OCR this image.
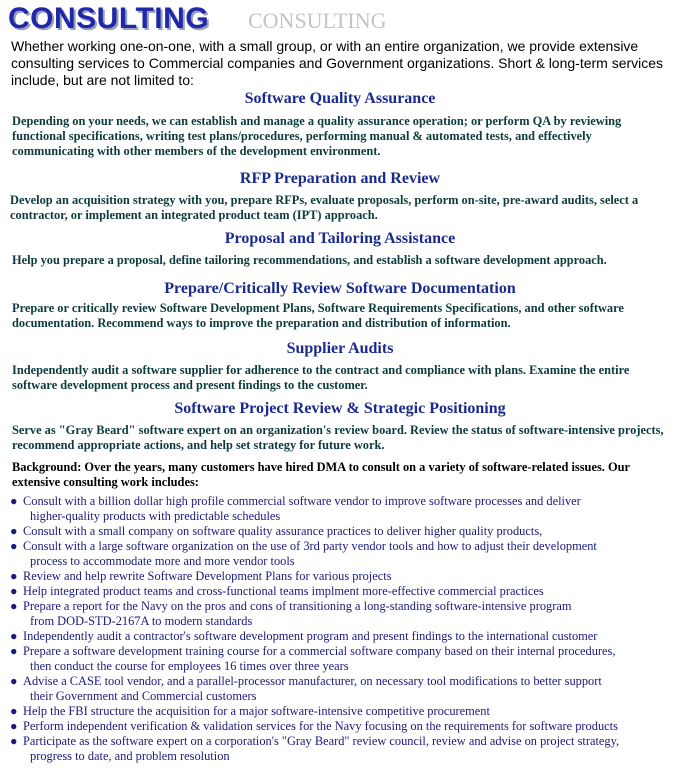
CONSULTING CONSULTING
Whether working one-on-one, with a small group, or with an entire organization, we provide extensive consulting services to Commercial companies and Government organizations. Short & long-term services include, but are not limited to:
Software Quality Assurance
Depending on your needs, we can establish and manage a quality assurance operation; or perform QA by reviewing functional specifications, writing test plans/procedures, performing manual & automated tests, and effectively communicating with other members of the development environment.
RFP Preparation and Review
Develop an acquisition strategy with you, prepare RFPs, evaluate proposals, perform on-site, pre-award audits, select a contractor, or implement an integrated product team (IPT) approach.
Proposal and Tailoring Assistance
Help you prepare a proposal, define tailoring recommendations, and establish a software development approach.
Prepare/Critically Review Software Documentation
Prepare or critically review Software Development Plans, Software Requirements Specifications, and other software documentation. Recommend ways to improve the preparation and distribution of information.
Supplier Audits
Independently audit a software supplier for adherence to the contract and compliance with plans. Examine the entire software development process and present findings to the customer.
Software Project Review & Strategic Positioning
Serve as "Gray Beard" software expert on an organization's review board. Review the status of software-intensive projects, recommend appropriate actions, and help set strategy for future work.
Background: Over the years, many customers have hired DMA to consult on a variety of software-related issues. Our extensive consulting work includes:
● Consult with a billion dollar high profile commercial software vendor to improve software processes and deliver
higher-quality products with predictable schedules
● Consult with a small company on software quality assurance practices to deliver higher quality products,
● Consult with a large software organization on the use of 3rd party vendor tools and how to adjust their development
process to accommodate more and more vendor tools
● Review and help rewrite Software Development Plans for various projects
● Help integrated product teams and cross-functional teams implment more-effective commercial practices
● Prepare a report for the Navy on the pros and cons of transitioning a long-standing software-intensive program
from DOD-STD-2167A to modern standards
● Independently audit a contractor's software development program and present findings to the international customer
● Prepare a software development training course for a commercial software company based on their internal procedures,
then conduct the course for employees 16 times over three years
● Advise a CASE tool vendor, and a parallel-processor manufacturer, on necessary tool modifications to better support
their Government and Commercial customers
● Help the FBI structure the acquisition for a major software-intensive competitive procurement
● Perform independent verification & validation services for the Navy focusing on the requirements for software products
● Participate as the software expert on a corporation's "Gray Beard" review council, review and advise on project strategy,
progress to date, and problem resolution
